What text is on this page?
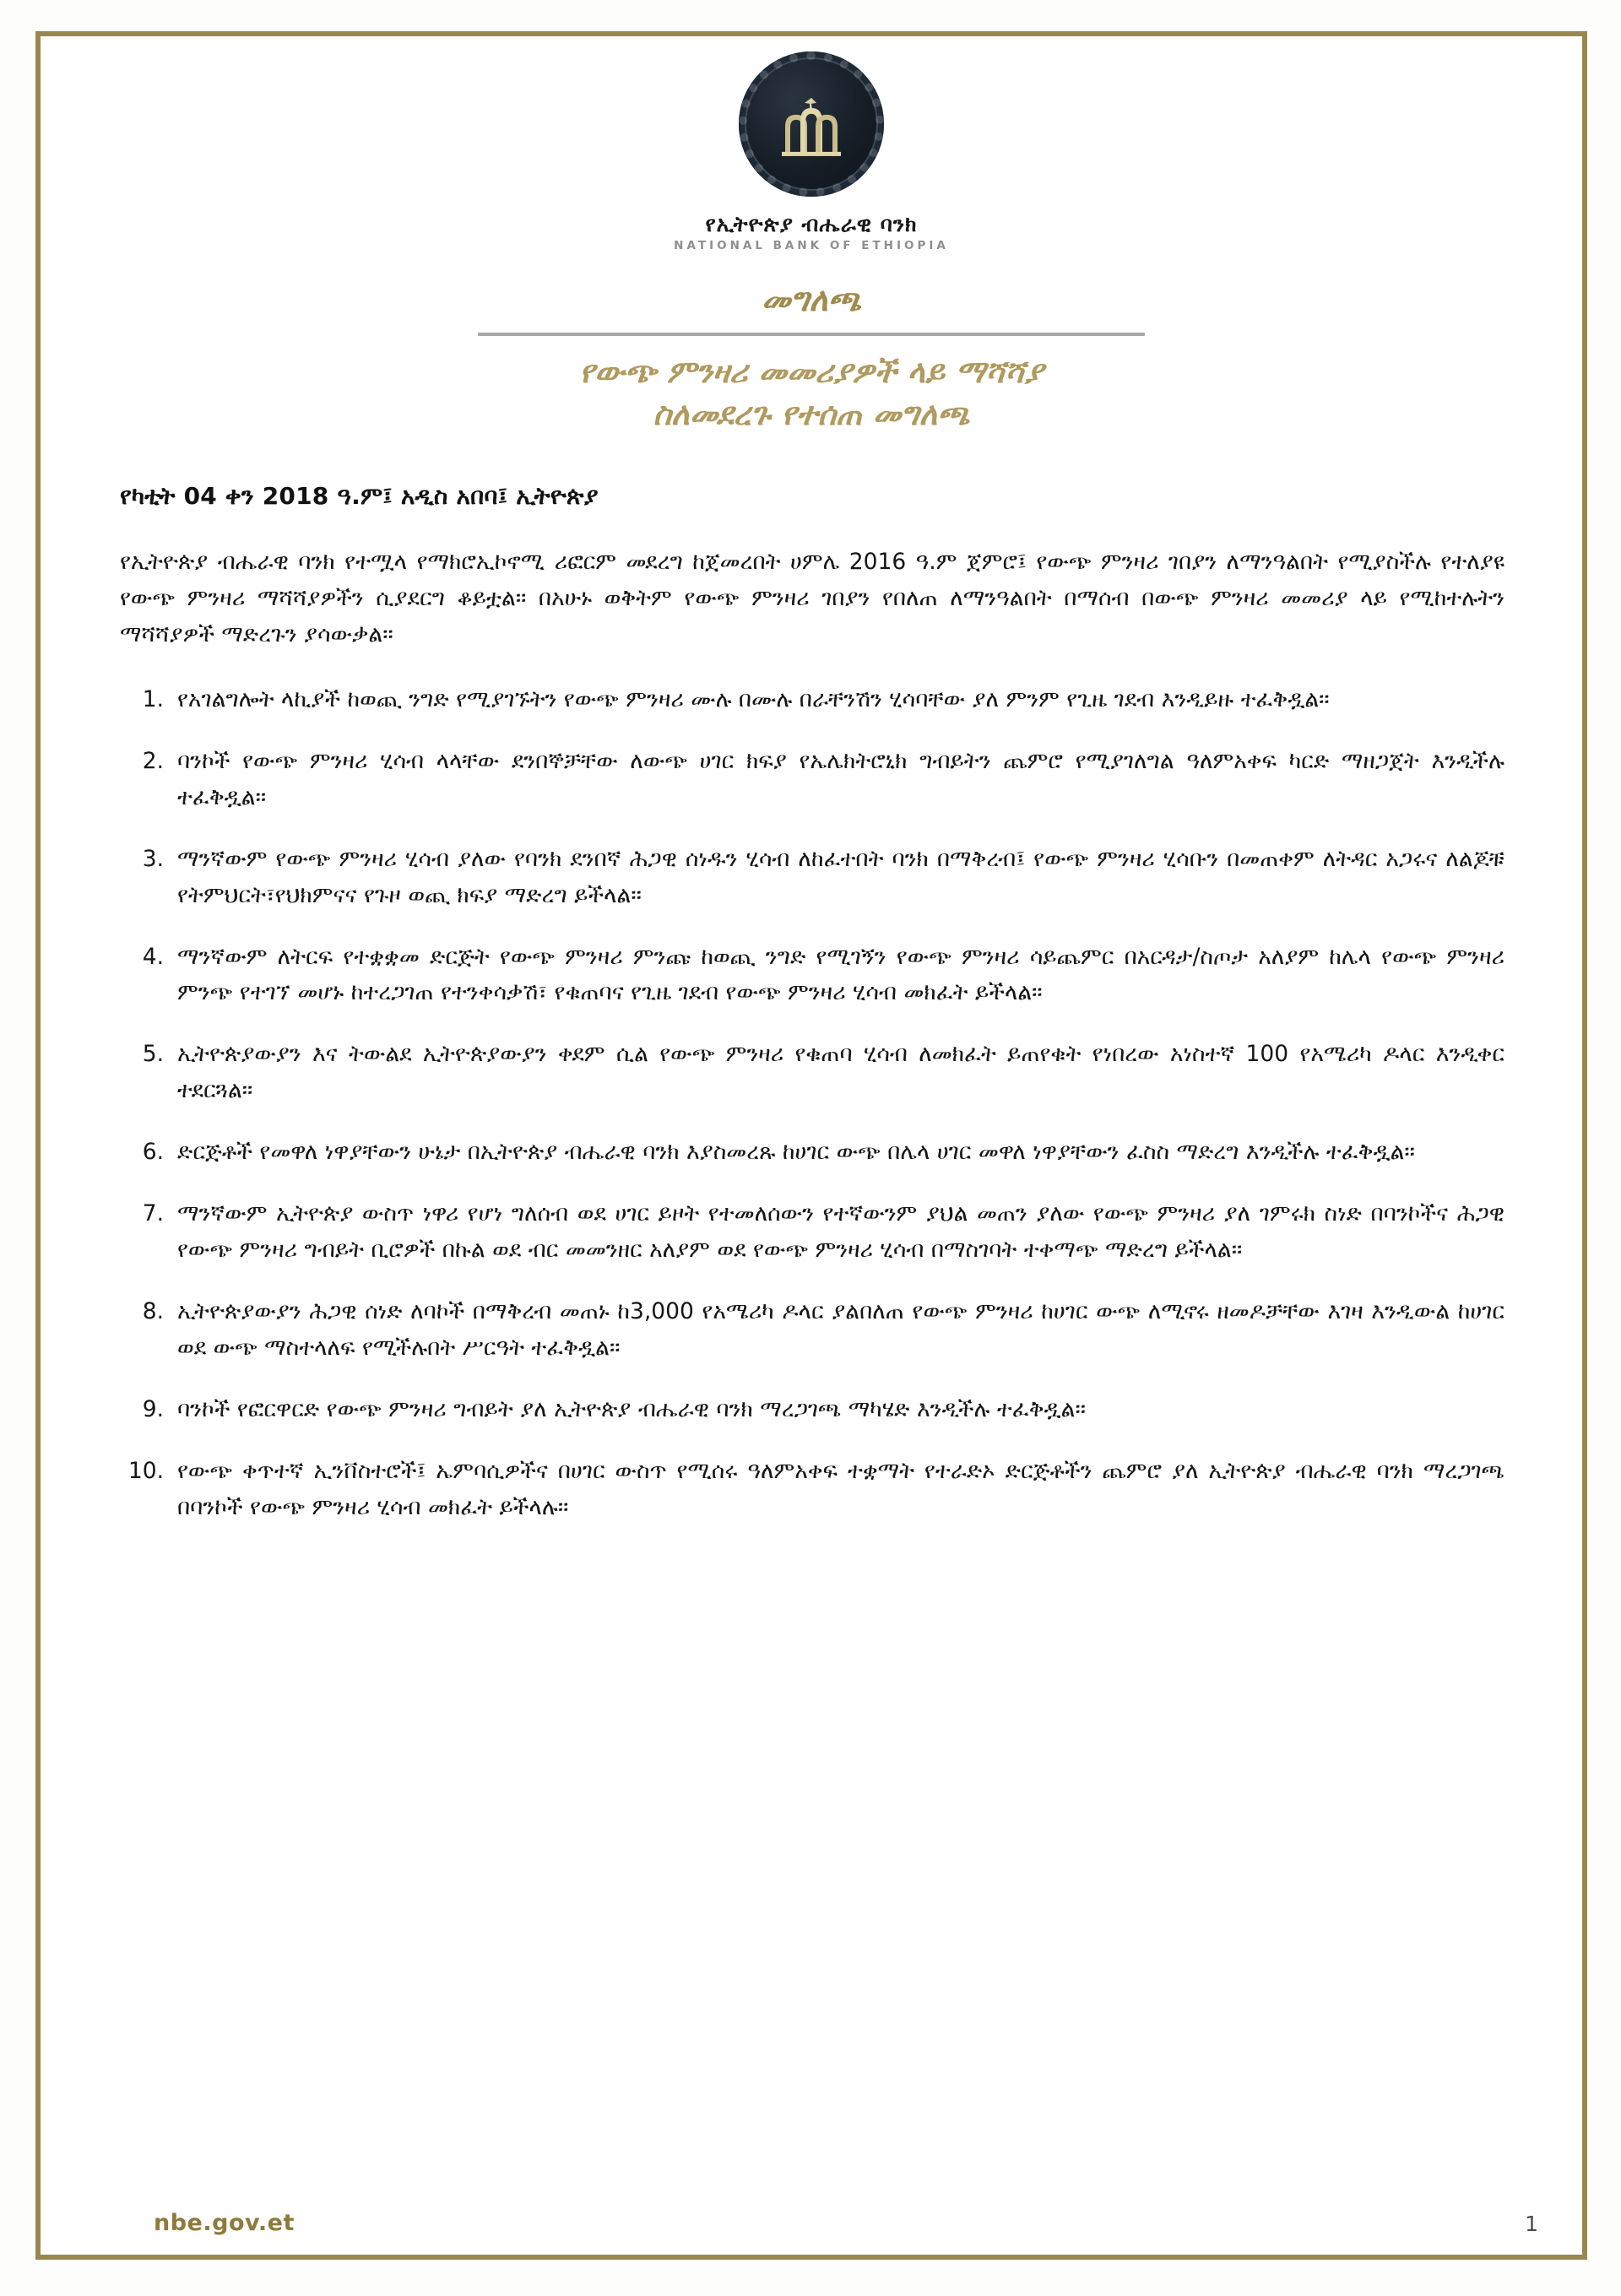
የኢትዮጵያ ብሔራዊ ባንክ
NATIONAL BANK OF ETHIOPIA
መግለጫ
የውጭ ምንዛሪ መመሪያዎች ላይ ማሻሻያ
ስለመደረጉ የተሰጠ መግለጫ
የካቲት 04 ቀን 2018 ዓ.ም፤ አዲስ አበባ፤ ኢትዮጵያ

የኢትዮጵያ ብሔራዊ ባንክ የተሟላ የማክሮኢኮኖሚ ሪፎርም መደረግ ከጀመረበት ሀምሌ 2016 ዓ.ም ጀምሮ፤ የውጭ ምንዛሪ ገበያን ለማንዓልበት የሚያስችሉ የተለያዩ የውጭ ምንዛሪ ማሻሻያዎችን ሲያደርግ ቆይቷል፡፡ በአሁኑ ወቅትም የውጭ ምንዛሪ ገበያን የበለጠ ለማንዓልበት በማሰብ በውጭ ምንዛሪ መመሪያ ላይ የሚከተሉትን ማሻሻያዎች ማድረጉን ያሳውቃል፡፡

የአገልግሎት ላኪያች ከወጪ ንግድ የሚያገኙትን የውጭ ምንዛሪ ሙሉ በሙሉ በራቸንሽን ሂሳባቸው ያለ ምንም የጊዜ ገደብ እንዲይዙ ተፈቅዷል፡፡
ባንኮች የውጭ ምንዛሪ ሂሳብ ላላቸው ደንበኞቻቸው ለውጭ ሀገር ክፍያ የኤሌክትሮኒክ ግብይትን ጨምሮ የሚያገለግል ዓለምአቀፍ ካርድ ማዘጋጀት እንዲችሉ ተፈቅዷል፡፡
ማንኛውም የውጭ ምንዛሪ ሂሳብ ያለው የባንክ ደንበኛ ሕጋዊ ሰነዱን ሂሳብ ለከፈተበት ባንክ በማቅረብ፤ የውጭ ምንዛሪ ሂሳቡን በመጠቀም ለትዳር አጋሩና ለልጆቹ የትምህርት፣የህክምናና የጉዞ ወጪ ክፍያ ማድረግ ይችላል፡፡
ማንኛውም ለትርፍ የተቋቋመ ድርጅት የውጭ ምንዛሪ ምንጩ ከወጪ ንግድ የሚገኝን የውጭ ምንዛሪ ሳይጨምር በአርዳታ/ስጦታ አለያም ከሌላ የውጭ ምንዛሪ ምንጭ የተገኘ መሆኑ ከተረጋገጠ የተንቀሳቃሽ፣ የቁጠባና የጊዜ ገደብ የውጭ ምንዛሪ ሂሳብ መክፈት ይችላል፡፡
ኢትዮጵያውያን እና ትውልደ ኢትዮጵያውያን ቀደም ሲል የውጭ ምንዛሪ የቁጠባ ሂሳብ ለመክፈት ይጠየቁት የነበረው አነስተኛ 100 የአሜሪካ ዶላር እንዲቀር ተደርጓል፡፡
ድርጅቶች የመዋለ ነዋያቸውን ሁኔታ በኢትዮጵያ ብሔራዊ ባንክ እያስመረጹ ከሀገር ውጭ በሌላ ሀገር መዋለ ነዋያቸውን ፈስስ ማድረግ እንዲችሉ ተፈቅዷል፡፡
ማንኛውም ኢትዮጵያ ውስጥ ነዋሪ የሆነ ግለሰብ ወደ ሀገር ይዞት የተመለሰውን የተኛውንም ያህል መጠን ያለው የውጭ ምንዛሪ ያለ ገምሩክ ስነድ በባንኮችና ሕጋዊ የውጭ ምንዛሪ ግብይት ቢሮዎች በኩል ወደ ብር መመንዘር አለያም ወደ የውጭ ምንዛሪ ሂሳብ በማስገባት ተቀማጭ ማድረግ ይችላል፡፡
ኢትዮጵያውያን ሕጋዊ ሰነድ ለባኮች በማቅረብ መጠኑ ከ3,000 የአሜሪካ ዶላር ያልበለጠ የውጭ ምንዛሪ ከሀገር ውጭ ለሚኖሩ ዘመዶቻቸው እገዛ እንዲውል ከሀገር ወደ ውጭ ማስተላለፍ የሚችሉበት ሥርዓት ተፈቅዷል፡፡
ባንኮች የፎርዋርድ የውጭ ምንዛሪ ግብይት ያለ ኢትዮጵያ ብሔራዊ ባንክ ማረጋገጫ ማካሄድ እንዲችሉ ተፈቅዷል፡፡
የውጭ ቀጥተኛ ኢንቨስተሮች፤ ኤምባሲዎችና በሀገር ውስጥ የሚሰሩ ዓለምአቀፍ ተቋማት የተራድኦ ድርጅቶችን ጨምሮ ያለ ኢትዮጵያ ብሔራዊ ባንክ ማረጋገጫ በባንኮች የውጭ ምንዛሪ ሂሳብ መክፈት ይችላሉ፡፡
nbe.gov.et	1
